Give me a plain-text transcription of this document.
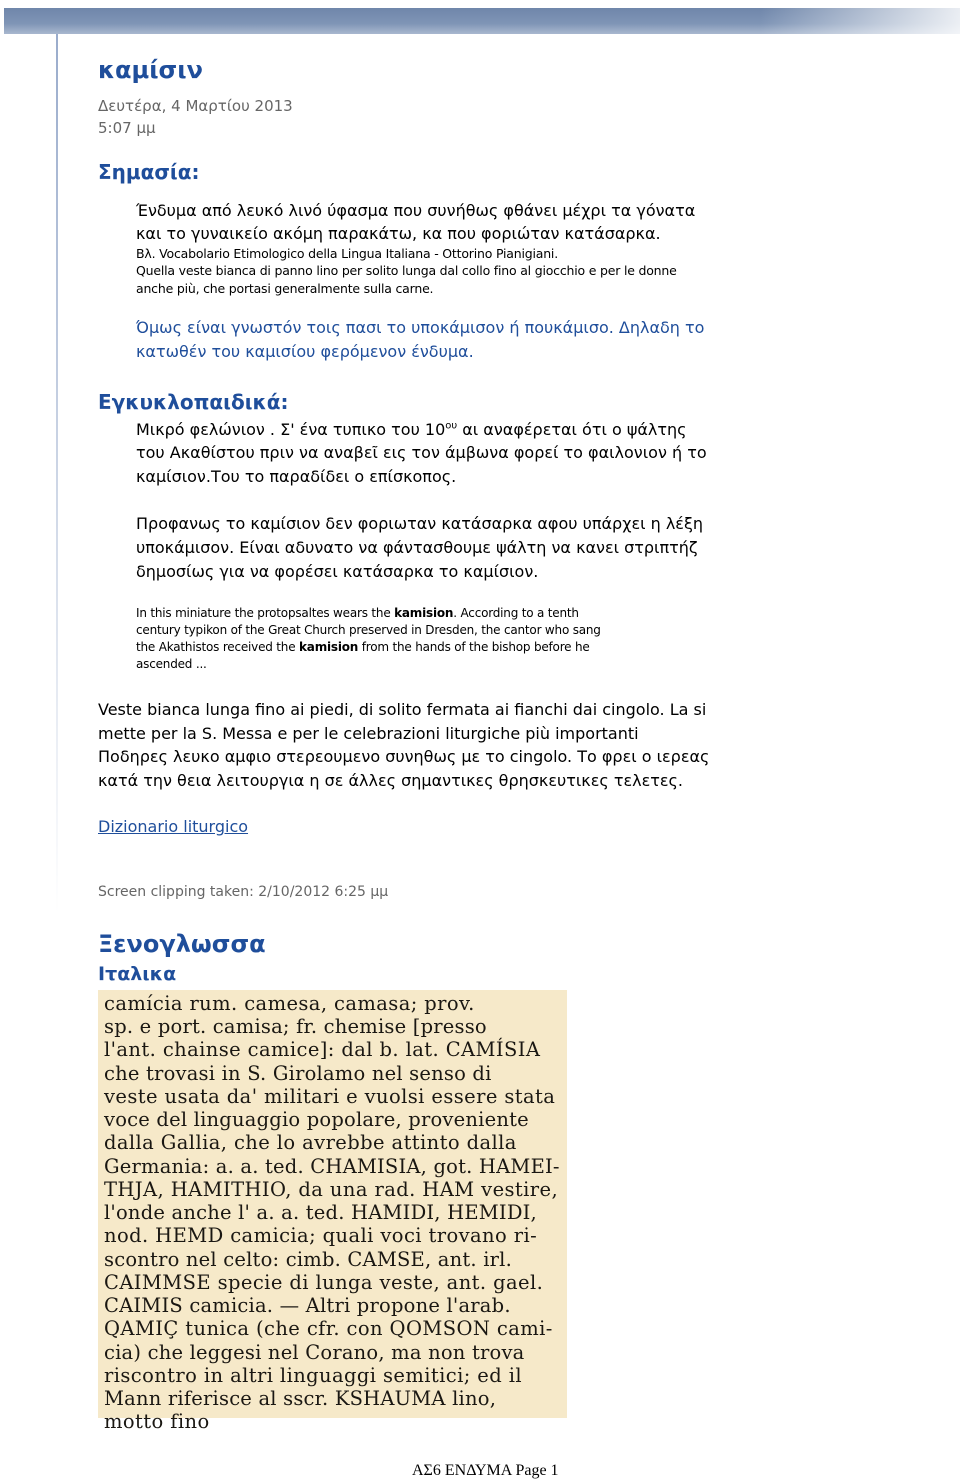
καμίσιν

Δευτέρα, 4 Μαρτίου 2013

5:07 μμ

Σημασία:

Ένδυμα από λευκό λινό ύφασμα που συνήθως φθάνει μέχρι τα γόνατα

και το γυναικείο ακόμη παρακάτω, κα που φοριώταν κατάσαρκα.

Βλ. Vocabolario Etimologico della Lingua Italiana - Ottorino Pianigiani.

Quella veste bianca di panno lino per solito lunga dal collo fino al giocchio e per le donne

anche più, che portasi generalmente sulla carne.

Όμως είναι γνωστόν τοις πασι το υποκάμισον ή πουκάμισο. Δηλαδη το

κατωθέν του καμισίου φερόμενον ένδυμα.

Εγκυκλοπαιδικά:

Μικρό φελώνιον . Σ' ένα τυπικο του $10^{o\upsilon}$ αι αναφέρεται ότι ο ψάλτης

του Ακαθίστου πριν να αναβεῖ εις τον άμβωνα φορεί το φαιλονιον ή το

καμίσιον.Του το παραδίδει ο επίσκοπος.

Προφανως το καμίσιον δεν φοριωταν κατάσαρκα αφου υπάρχει η λέξη

υποκάμισον. Είναι αδυνατο να φάντασθουμε ψάλτη να κανει στριπτήζ

δημοσίως για να φορέσει κατάσαρκα το καμίσιον.

In this miniature the protopsaltes wears the kamision. According to a tenth

century typikon of the Great Church preserved in Dresden, the cantor who sang

the Akathistos received the kamision from the hands of the bishop before he

ascended ...

Veste bianca lunga fino ai piedi, di solito fermata ai fianchi dai cingolo. La si

mette per la S. Messa e per le celebrazioni liturgiche più importanti

Ποδηρες λευκο αμφιο στερεουμενο συνηθως με το cingolo. Το φρει ο ιερεας

κατά την θεια λειτουργια η σε άλλες σημαντικες θρησκευτικες τελετες.

Dizionario liturgico

Screen clipping taken: 2/10/2012 6:25 μμ

Ξενογλωσσα
Ιταλικα
camícia rum. camesa, camasa; prov.
sp. e port. camisa; fr. chemise [presso
l'ant. chainse camice]: dal b. lat. CAMÍSIA
che trovasi in S. Girolamo nel senso di
veste usata da' militari e vuolsi essere stata
voce del linguaggio popolare, proveniente
dalla Gallia, che lo avrebbe attinto dalla
Germania: a. a. ted. CHAMISIA, got. HAMEI-
THJA, HAMITHIO, da una rad. HAM vestire,
l'onde anche l' a. a. ted. HAMIDI, HEMIDI,
nod. HEMD camicia; quali voci trovano ri-
scontro nel celto: cimb. CAMSE, ant. irl.
CAIMMSE specie di lunga veste, ant. gael.
CAIMIS camicia. — Altri propone l'arab.
QAMIÇ tunica (che cfr. con QOMSON cami-
cia) che leggesi nel Corano, ma non trova
riscontro in altri linguaggi semitici; ed il
Mann riferisce al sscr. KSHAUMA lino,
motto fino

ΑΣ6 ΕΝΔΥΜΑ Page 1
